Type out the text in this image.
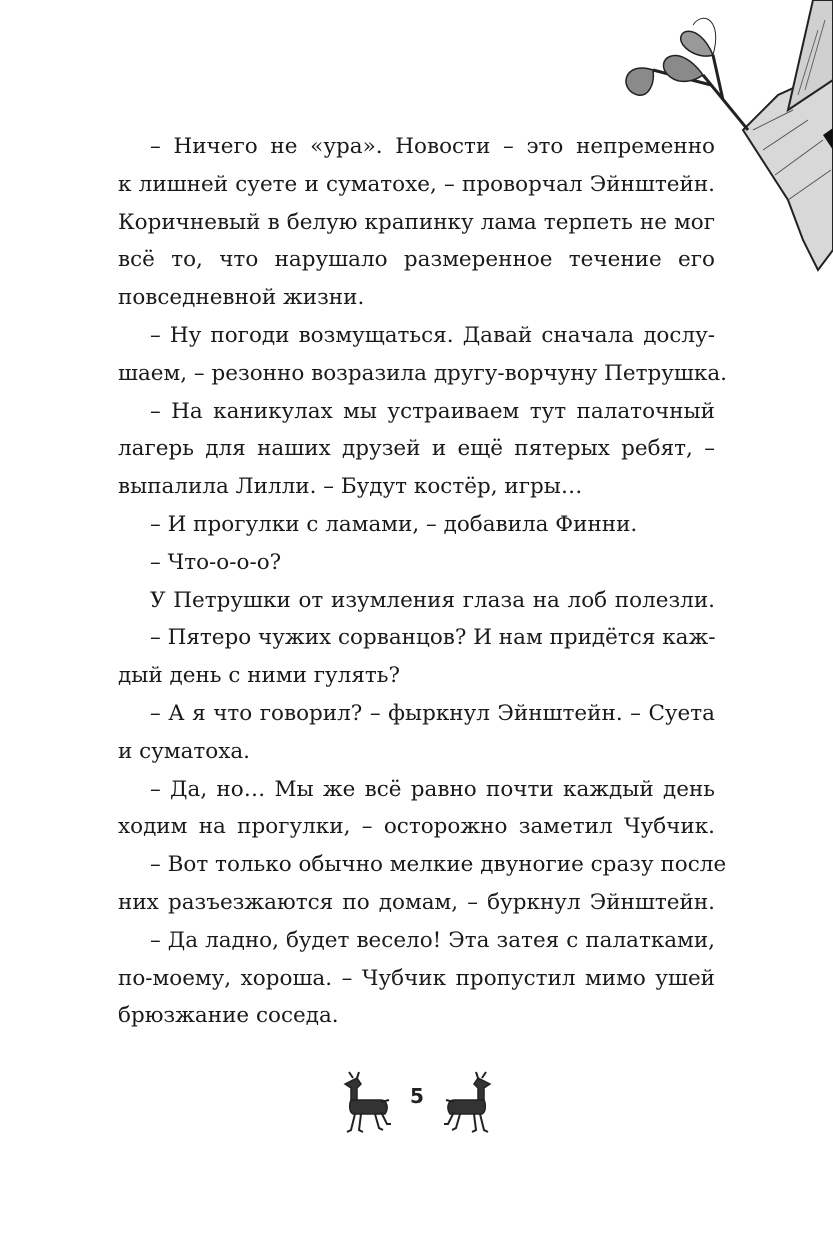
– Ничего не «ура». Новости – это непременно
к лишней суете и суматохе, – проворчал Эйнштейн.
Коричневый в белую крапинку лама терпеть не мог
всё то, что нарушало размеренное течение его
повседневной жизни.
– Ну погоди возмущаться. Давай сначала дослу-
шаем, – резонно возразила другу-ворчуну Петрушка.
– На каникулах мы устраиваем тут палаточный
лагерь для наших друзей и ещё пятерых ребят, –
выпалила Лилли. – Будут костёр, игры…
– И прогулки с ламами, – добавила Финни.
– Что-о-о-о?
У Петрушки от изумления глаза на лоб полезли.
– Пятеро чужих сорванцов? И нам придётся каж-
дый день с ними гулять?
– А я что говорил? – фыркнул Эйнштейн. – Суета
и суматоха.
– Да, но… Мы же всё равно почти каждый день
ходим на прогулки, – осторожно заметил Чубчик.
– Вот только обычно мелкие двуногие сразу после
них разъезжаются по домам, – буркнул Эйнштейн.
– Да ладно, будет весело! Эта затея с палатками,
по-моему, хороша. – Чубчик пропустил мимо ушей
брюзжание соседа.
5
